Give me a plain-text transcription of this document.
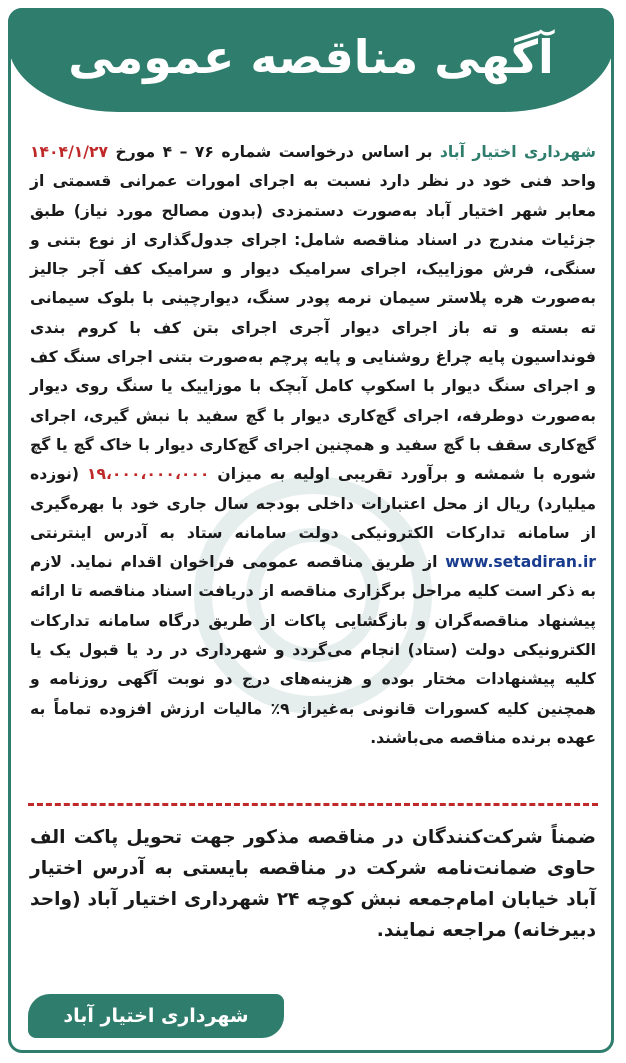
آگهی مناقصه عمومی
شهرداری اختیار آباد بر اساس درخواست شماره ۷۶ – ۴ مورخ ۱۴۰۴/۱/۲۷ واحد فنی خود در نظر دارد نسبت به اجرای امورات عمرانی قسمتی از معابر شهر اختیار آباد به‌صورت دستمزدی (بدون مصالح مورد نیاز) طبق جزئیات مندرج در اسناد مناقصه شامل: اجرای جدول‌گذاری از نوع بتنی و سنگی، فرش موزاییک، اجرای سرامیک دیوار و سرامیک کف آجر جالیز به‌صورت هره پلاستر سیمان نرمه پودر سنگ، دیوارچینی با بلوک سیمانی ته بسته و ته باز اجرای دیوار آجری اجرای بتن کف با کروم بندی فونداسیون پایه چراغ روشنایی و پایه پرچم به‌صورت بتنی اجرای سنگ کف و اجرای سنگ دیوار با اسکوپ کامل آبچک با موزاییک یا سنگ روی دیوار به‌صورت دوطرفه، اجرای گچ‌کاری دیوار با گچ سفید با نبش گیری، اجرای گچ‌کاری سقف با گچ سفید و همچنین اجرای گچ‌کاری دیوار با خاک گچ یا گچ شوره با شمشه و برآورد تقریبی اولیه به میزان ۱۹،۰۰۰،۰۰۰،۰۰۰ (نوزده میلیارد) ریال از محل اعتبارات داخلی بودجه سال جاری خود با بهره‌گیری از سامانه تدارکات الکترونیکی دولت سامانه ستاد به آدرس اینترنتی www.setadiran.ir از طریق مناقصه عمومی فراخوان اقدام نماید. لازم به ذکر است کلیه مراحل برگزاری مناقصه از دریافت اسناد مناقصه تا ارائه پیشنهاد مناقصه‌گران و بازگشایی پاکات از طریق درگاه سامانه تدارکات الکترونیکی دولت (ستاد) انجام می‌گردد و شهرداری در رد یا قبول یک یا کلیه پیشنهادات مختار بوده و هزینه‌های درج دو نوبت آگهی روزنامه و همچنین کلیه کسورات قانونی به‌غیراز ۹٪ مالیات ارزش افزوده تماماً به عهده برنده مناقصه می‌باشند.
ضمناً شرکت‌کنندگان در مناقصه مذکور جهت تحویل پاکت الف حاوی ضمانت‌نامه شرکت در مناقصه بایستی به آدرس اختیار آباد خیابان امام‌جمعه نبش کوچه ۲۴ شهرداری اختیار آباد (واحد دبیرخانه) مراجعه نمایند.
شهرداری اختیار آباد
